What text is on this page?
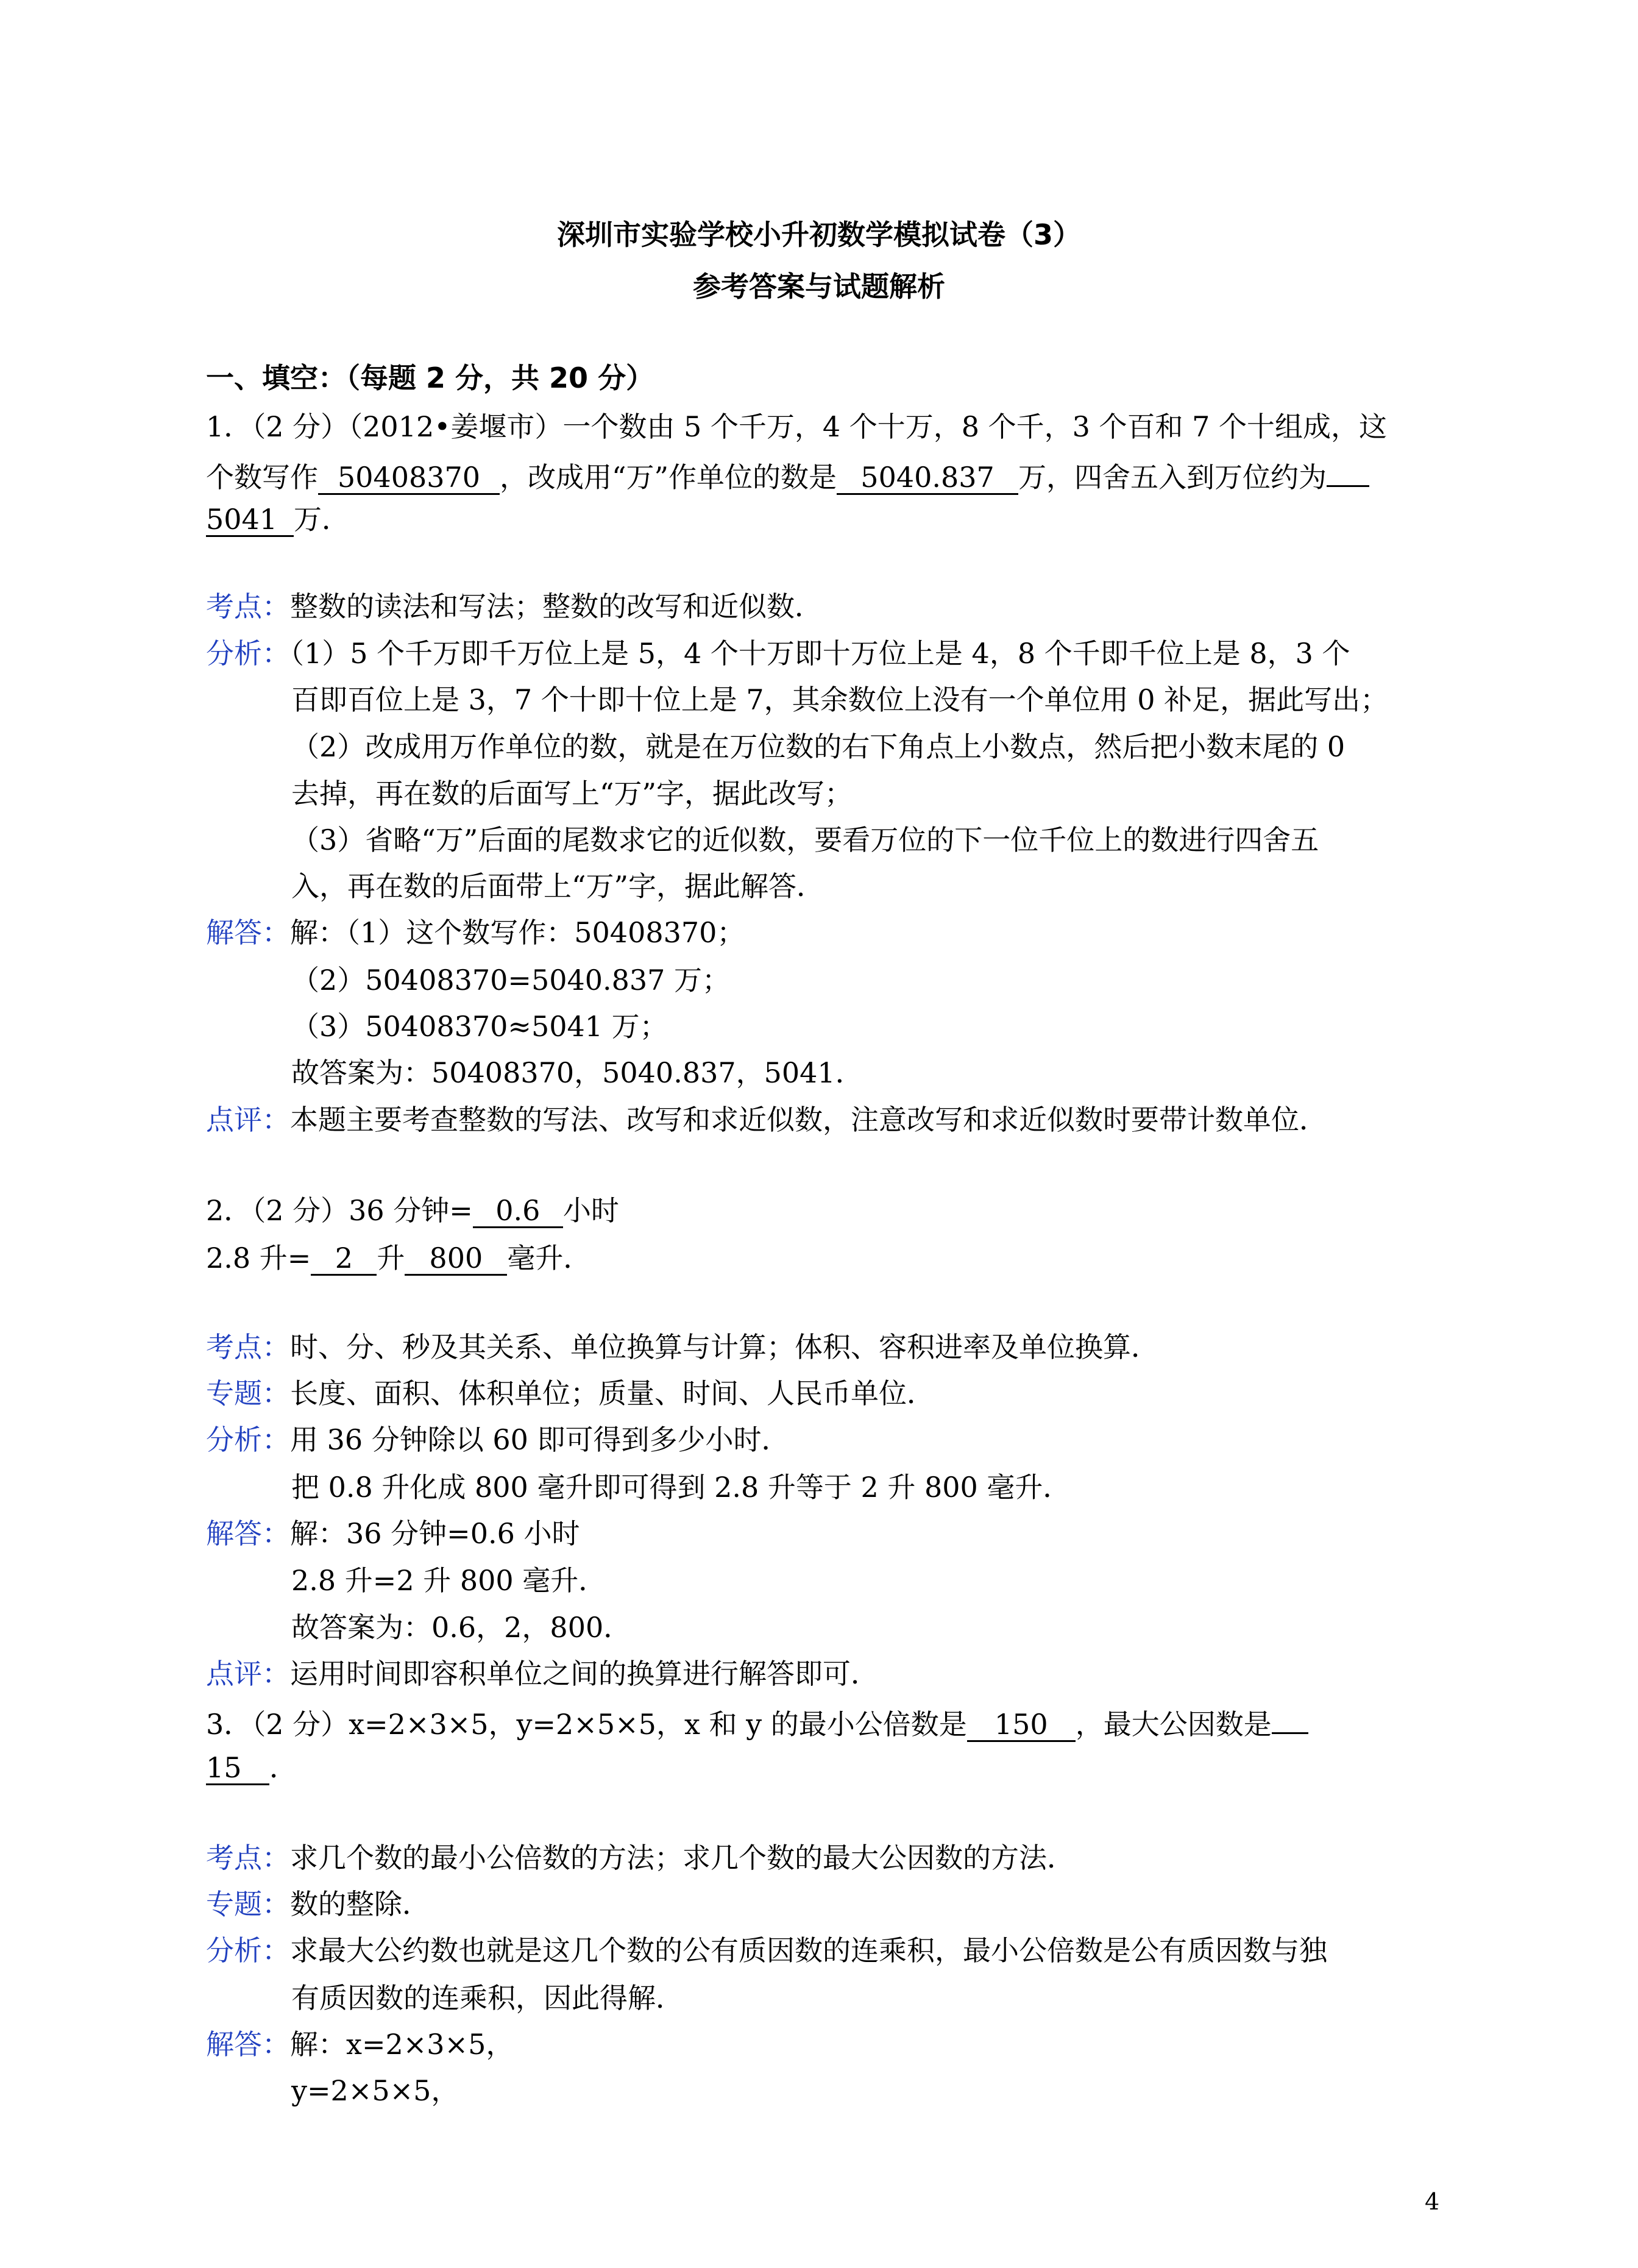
深圳市实验学校小升初数学模拟试卷（3）
参考答案与试题解析
一、填空：（每题 2 分，共 20 分）
1．（2 分）（2012•姜堰市）一个数由 5 个千万，4 个十万，8 个千，3 个百和 7 个十组成，这
个数写作 50408370 ，改成用“万”作单位的数是 5040.837 万，四舍五入到万位约为
5041 万．
考点：整数的读法和写法；整数的改写和近似数．
分析：（1）5 个千万即千万位上是 5，4 个十万即十万位上是 4，8 个千即千位上是 8，3 个
百即百位上是 3，7 个十即十位上是 7，其余数位上没有一个单位用 0 补足，据此写出；
（2）改成用万作单位的数，就是在万位数的右下角点上小数点，然后把小数末尾的 0
去掉，再在数的后面写上“万”字，据此改写；
（3）省略“万”后面的尾数求它的近似数，要看万位的下一位千位上的数进行四舍五
入，再在数的后面带上“万”字，据此解答．
解答：解：（1）这个数写作：50408370；
（2）50408370=5040.837 万；
（3）50408370≈5041 万；
故答案为：50408370，5040.837，5041．
点评：本题主要考查整数的写法、改写和求近似数，注意改写和求近似数时要带计数单位．
2．（2 分）36 分钟= 0.6 小时
2.8 升= 2 升 800 毫升．
考点：时、分、秒及其关系、单位换算与计算；体积、容积进率及单位换算．
专题：长度、面积、体积单位；质量、时间、人民币单位．
分析：用 36 分钟除以 60 即可得到多少小时．
把 0.8 升化成 800 毫升即可得到 2.8 升等于 2 升 800 毫升．
解答：解：36 分钟=0.6 小时
2.8 升=2 升 800 毫升．
故答案为：0.6，2，800．
点评：运用时间即容积单位之间的换算进行解答即可．
3．（2 分）x=2×3×5，y=2×5×5，x 和 y 的最小公倍数是 150 ，最大公因数是
15 ．
考点：求几个数的最小公倍数的方法；求几个数的最大公因数的方法．
专题：数的整除．
分析：求最大公约数也就是这几个数的公有质因数的连乘积，最小公倍数是公有质因数与独
有质因数的连乘积，因此得解．
解答：解：x=2×3×5，
y=2×5×5，
4
